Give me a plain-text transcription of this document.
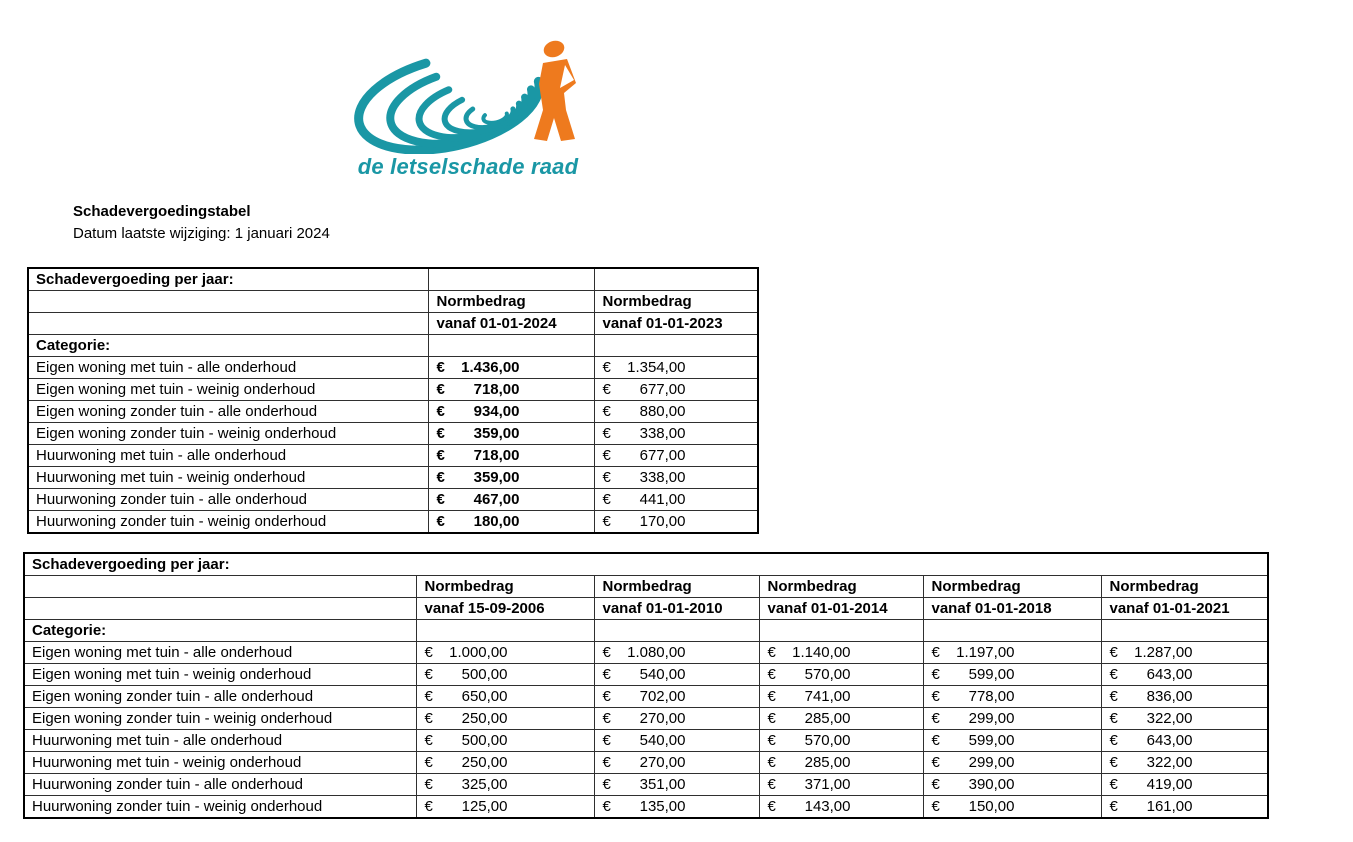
de letselschade raad
Schadevergoedingstabel
Datum laatste wijziging: 1 januari 2024
Schadevergoeding per jaar:		
	Normbedrag	Normbedrag
	vanaf 01-01-2024	vanaf 01-01-2023
Categorie:		
Eigen woning met tuin - alle onderhoud	€ 1.436,00	€ 1.354,00
Eigen woning met tuin - weinig onderhoud	€ 718,00	€ 677,00
Eigen woning zonder tuin - alle onderhoud	€ 934,00	€ 880,00
Eigen woning zonder tuin - weinig onderhoud	€ 359,00	€ 338,00
Huurwoning met tuin - alle onderhoud	€ 718,00	€ 677,00
Huurwoning met tuin - weinig onderhoud	€ 359,00	€ 338,00
Huurwoning zonder tuin - alle onderhoud	€ 467,00	€ 441,00
Huurwoning zonder tuin - weinig onderhoud	€ 180,00	€ 170,00
Schadevergoeding per jaar:					
	Normbedrag	Normbedrag	Normbedrag	Normbedrag	Normbedrag
	vanaf 15-09-2006	vanaf 01-01-2010	vanaf 01-01-2014	vanaf 01-01-2018	vanaf 01-01-2021
Categorie:					
Eigen woning met tuin - alle onderhoud	€ 1.000,00	€ 1.080,00	€ 1.140,00	€ 1.197,00	€ 1.287,00
Eigen woning met tuin - weinig onderhoud	€ 500,00	€ 540,00	€ 570,00	€ 599,00	€ 643,00
Eigen woning zonder tuin - alle onderhoud	€ 650,00	€ 702,00	€ 741,00	€ 778,00	€ 836,00
Eigen woning zonder tuin - weinig onderhoud	€ 250,00	€ 270,00	€ 285,00	€ 299,00	€ 322,00
Huurwoning met tuin - alle onderhoud	€ 500,00	€ 540,00	€ 570,00	€ 599,00	€ 643,00
Huurwoning met tuin - weinig onderhoud	€ 250,00	€ 270,00	€ 285,00	€ 299,00	€ 322,00
Huurwoning zonder tuin - alle onderhoud	€ 325,00	€ 351,00	€ 371,00	€ 390,00	€ 419,00
Huurwoning zonder tuin - weinig onderhoud	€ 125,00	€ 135,00	€ 143,00	€ 150,00	€ 161,00
